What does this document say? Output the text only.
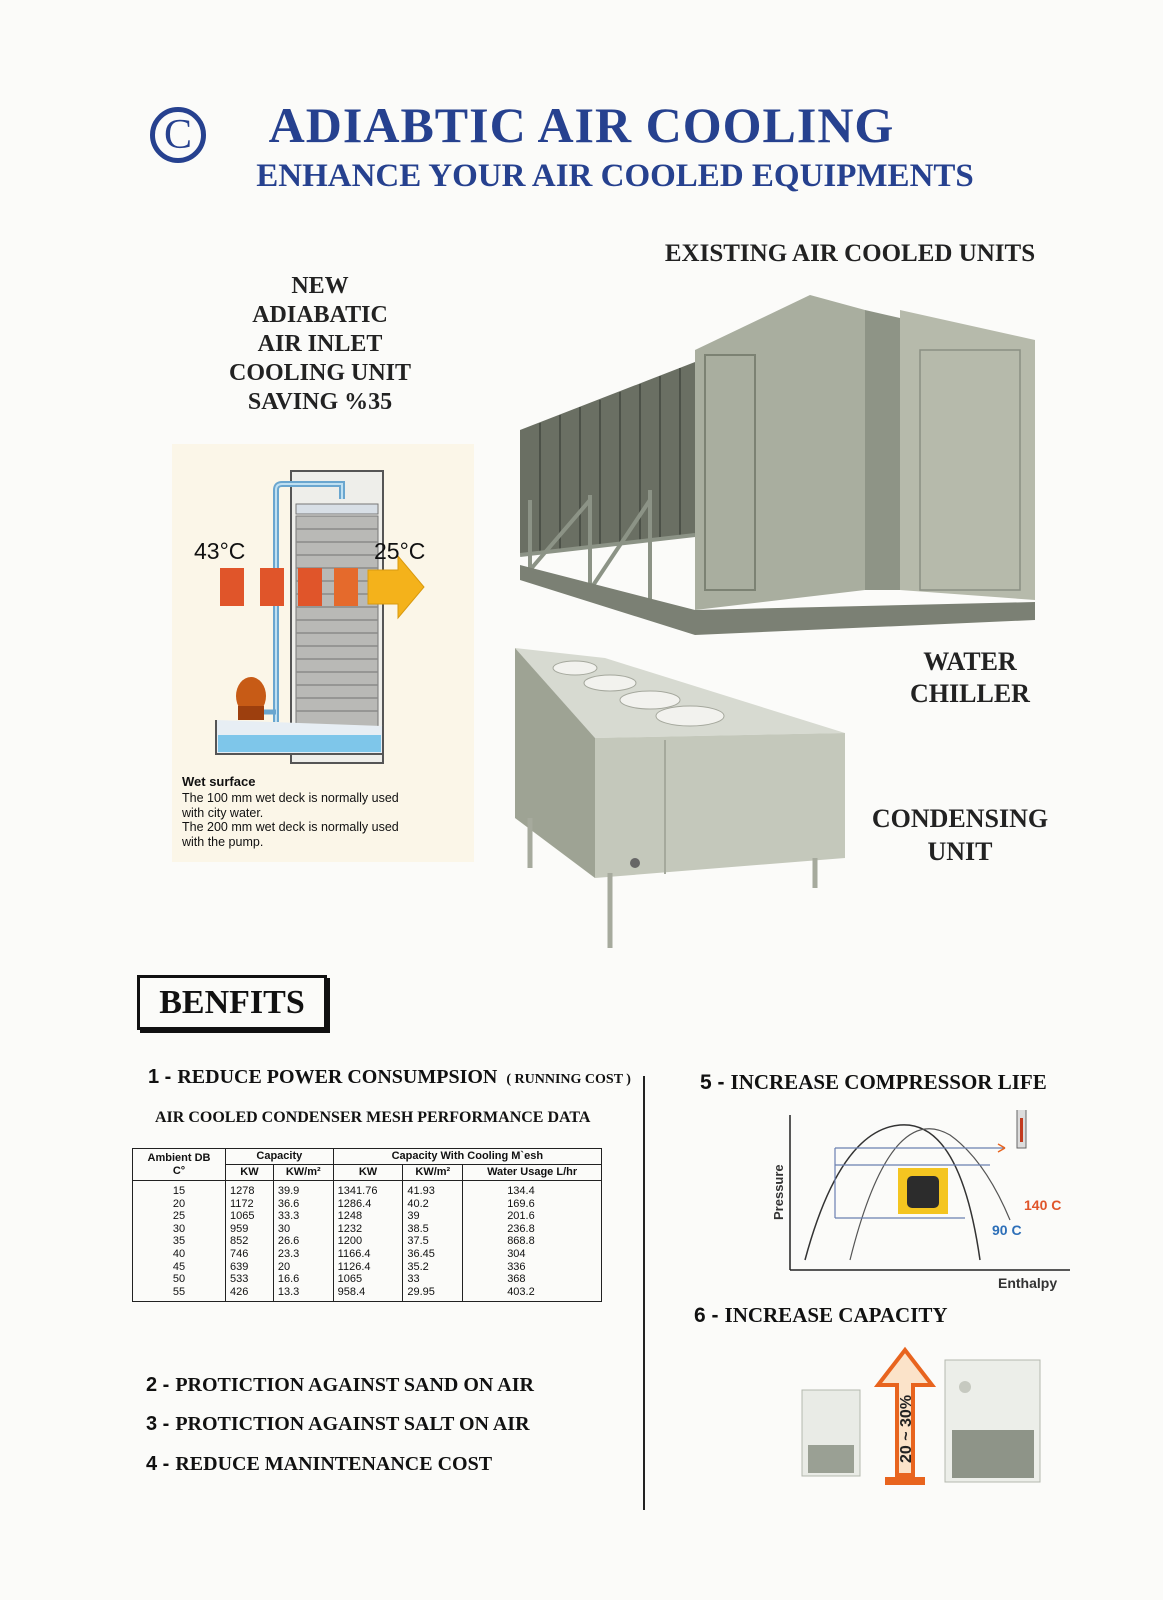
C	ADIABTIC AIR COOLING
ENHANCE YOUR AIR COOLED EQUIPMENTS
EXISTING AIR COOLED UNITS
NEW
ADIABATIC
AIR INLET
COOLING UNIT
SAVING %35
43°C	25°C
Wet surface
The 100 mm wet deck is normally used
with city water.
The 200 mm wet deck is normally used
with the pump.
WATER
CHILLER
CONDENSING
UNIT
BENFITS
1 - REDUCE POWER CONSUMPSION ( RUNNING COST )
AIR COOLED CONDENSER MESH PERFORMANCE DATA
Ambient DB
C°	Capacity		Capacity With Cooling M`esh		
	KW	KW/m²	KW	KW/m²	Water Usage L/hr
15	1278	39.9	1341.76	41.93	134.4
20	1172	36.6	1286.4	40.2	169.6
25	1065	33.3	1248	39	201.6
30	959	30	1232	38.5	236.8
35	852	26.6	1200	37.5	868.8
40	746	23.3	1166.4	36.45	304
45	639	20	1126.4	35.2	336
50	533	16.6	1065	33	368
55	426	13.3	958.4	29.95	403.2
2 - PROTICTION AGAINST SAND ON AIR
3 - PROTICTION AGAINST SALT ON AIR
4 - REDUCE MANINTENANCE COST
5 - INCREASE COMPRESSOR LIFE
Pressure
Enthalpy
140 C
90 C
6 - INCREASE CAPACITY
20 ~ 30%
